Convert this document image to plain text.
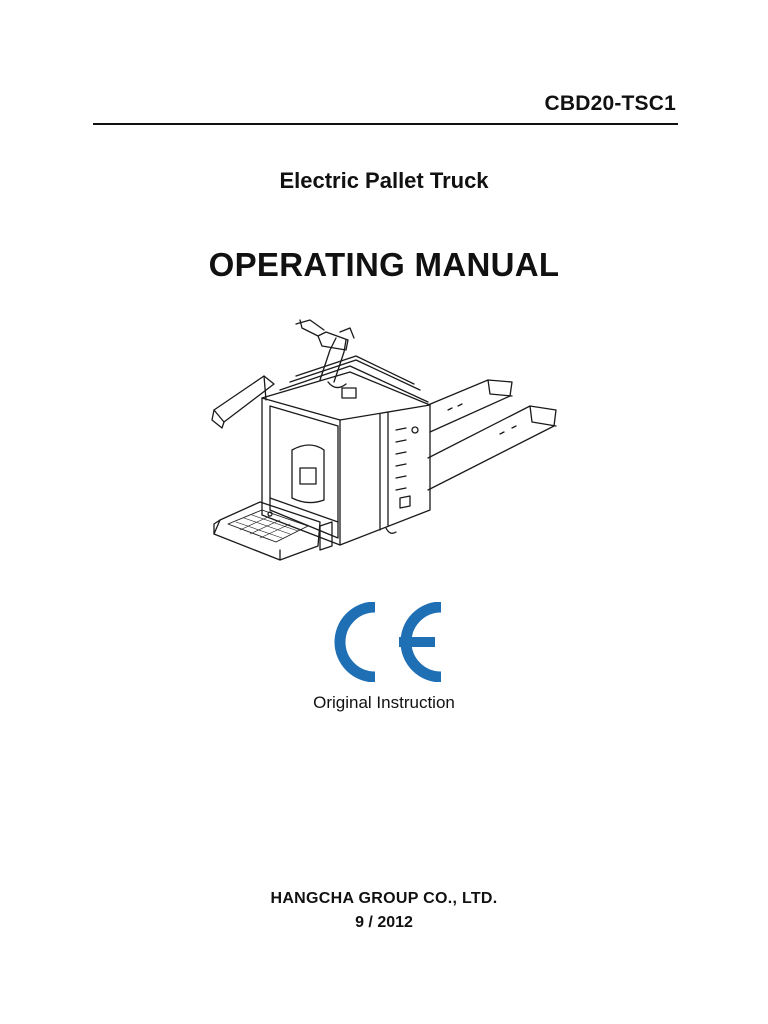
CBD20-TSC1
Electric Pallet Truck
OPERATING MANUAL
Original Instruction
HANGCHA GROUP CO., LTD.
9 / 2012
